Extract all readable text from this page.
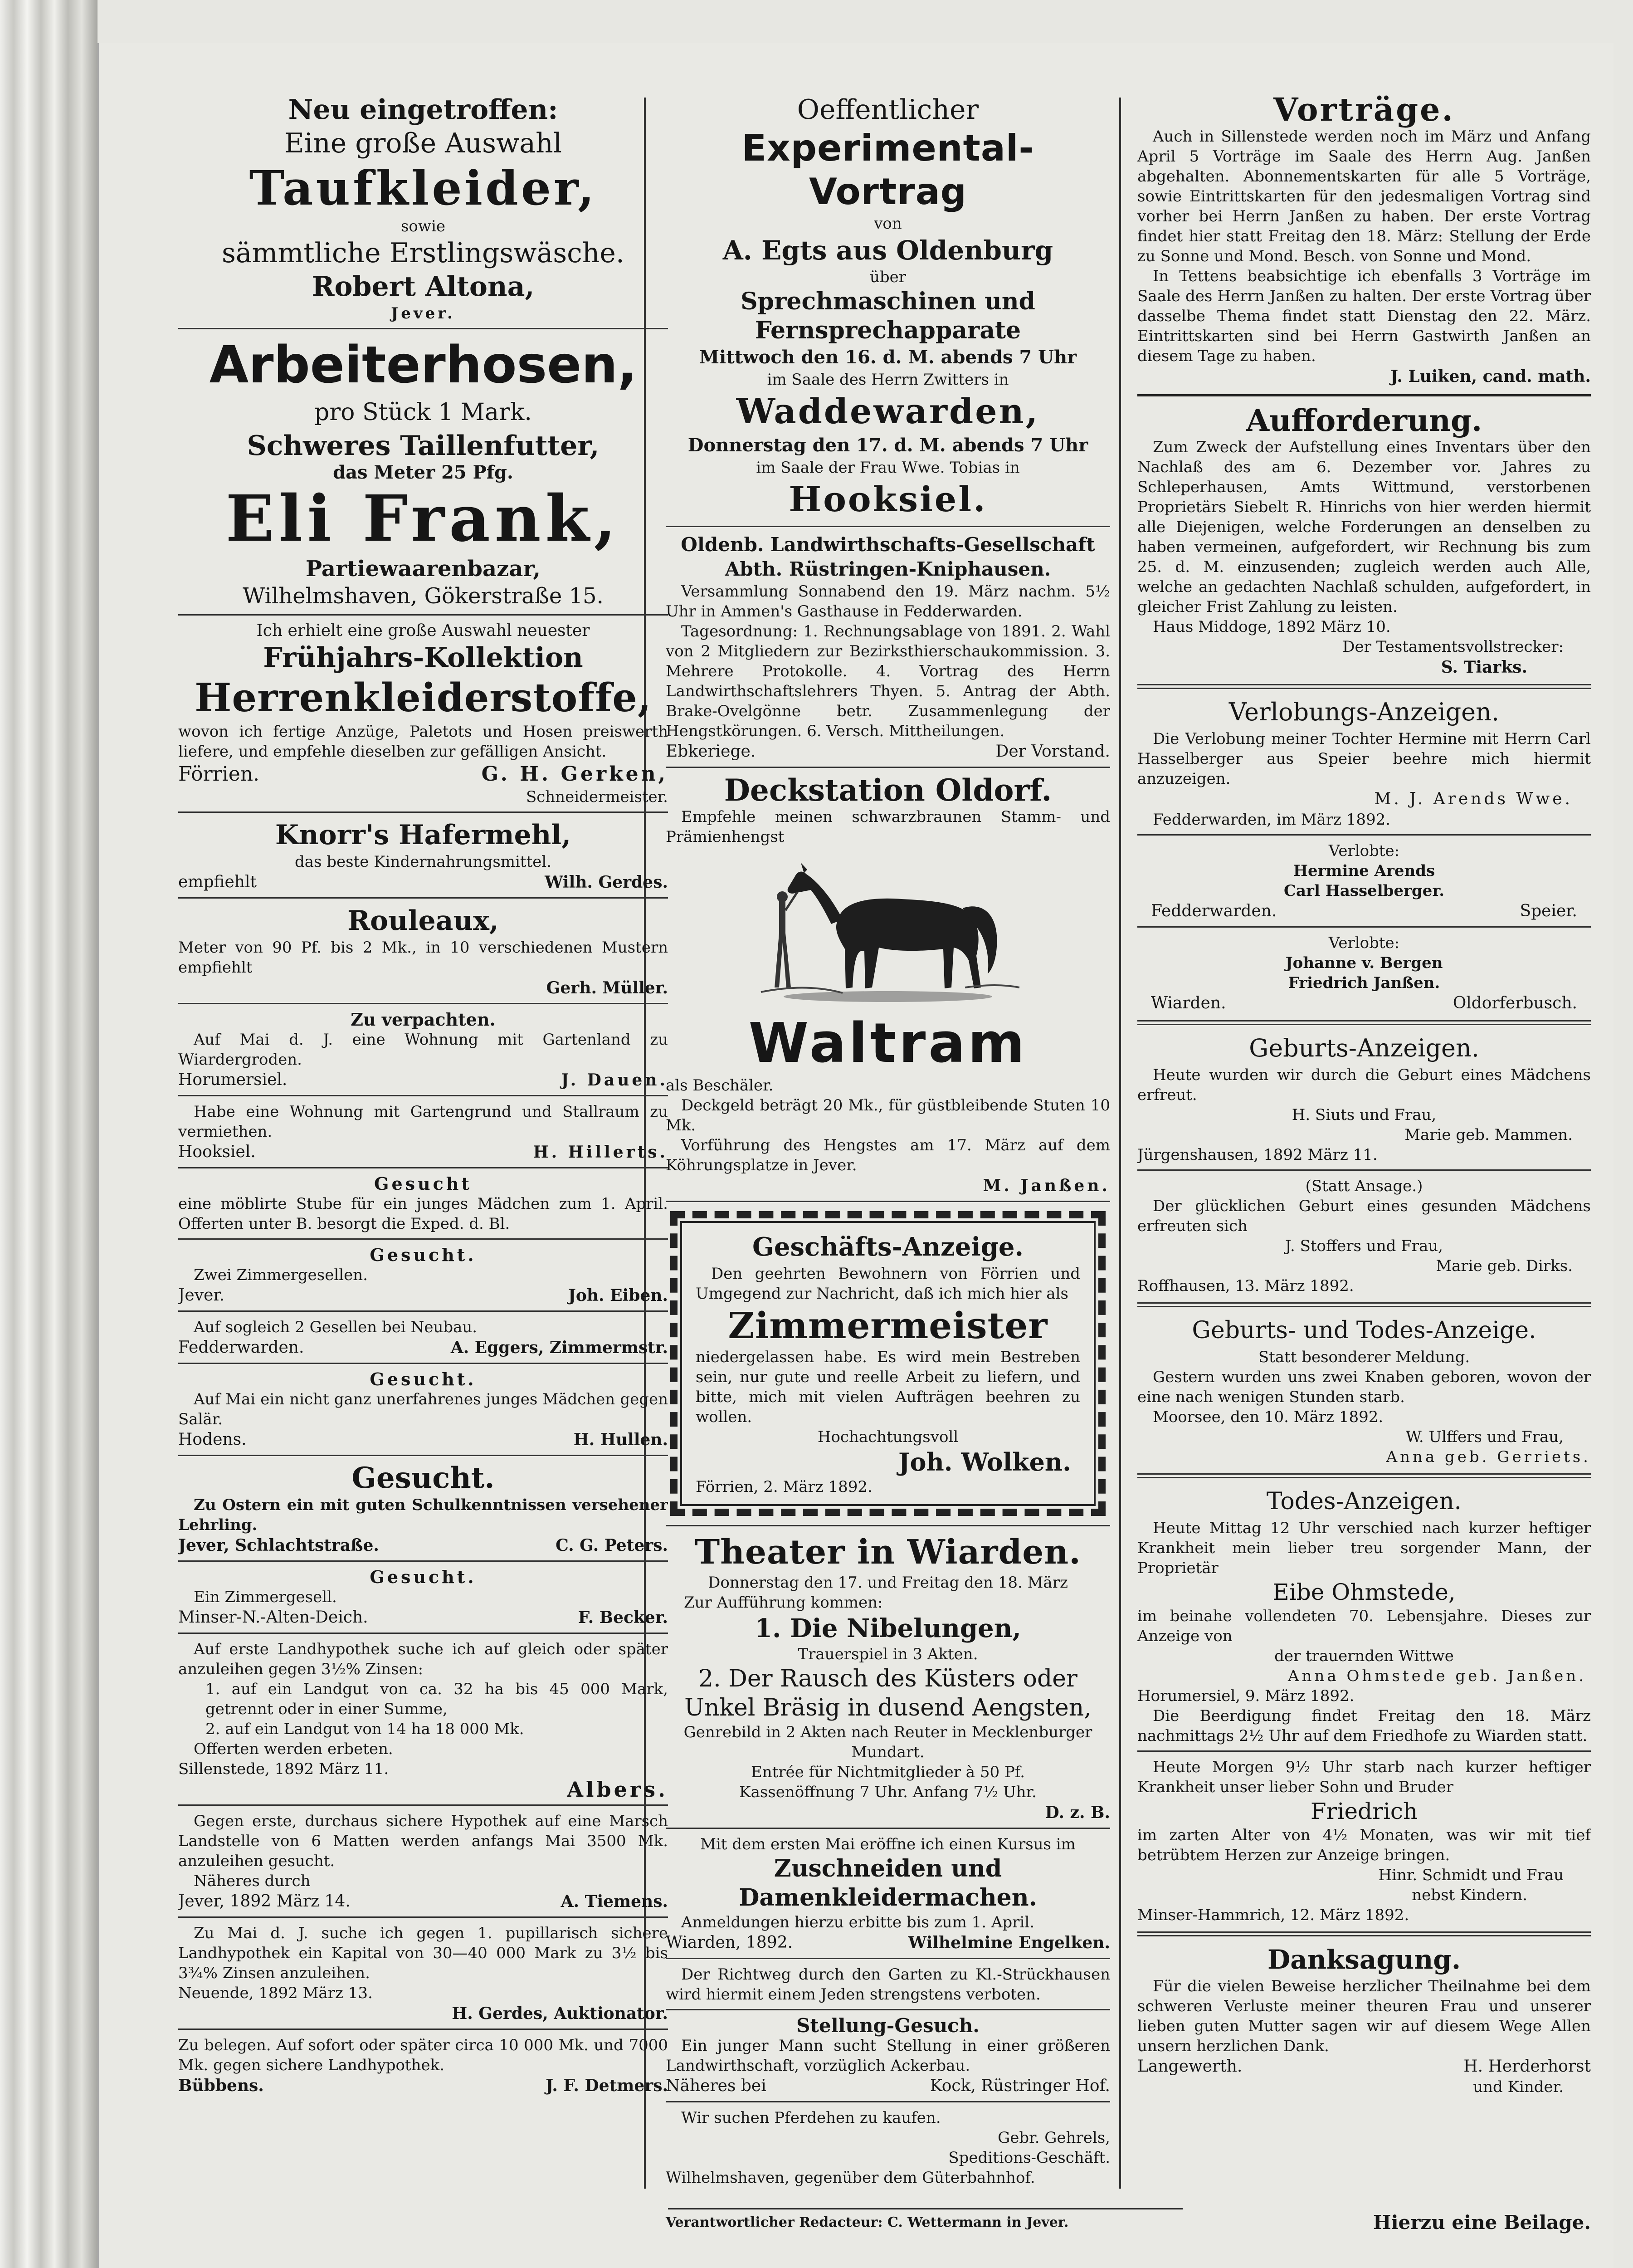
Neu eingetroffen:

Eine große Auswahl

Taufkleider,

sowie

sämmtliche Erstlingswäsche.

Robert Altona,

Jever.

Arbeiterhosen,

pro Stück 1 Mark.

Schweres Taillenfutter,

das Meter 25 Pfg.

Eli Frank,

Partiewaarenbazar,

Wilhelmshaven, Gökerstraße 15.

Ich erhielt eine große Auswahl neuester

Frühjahrs-Kollektion

Herrenkleiderstoffe,

wovon ich fertige Anzüge, Paletots und Hosen preiswerth liefere, und empfehle dieselben zur gefälligen Ansicht.

Förrien.	G. H. Gerken,

Schneidermeister.

Knorr's Hafermehl,

das beste Kindernahrungsmittel.

empfiehlt	Wilh. Gerdes.

Rouleaux,

Meter von 90 Pf. bis 2 Mk., in 10 verschiedenen Mustern empfiehlt

Gerh. Müller.

Zu verpachten.

Auf Mai d. J. eine Wohnung mit Gartenland zu Wiardergroden.

Horumersiel.	J. Dauen.

Habe eine Wohnung mit Gartengrund und Stallraum zu vermiethen.

Hooksiel.	H. Hillerts.

Gesucht

eine möblirte Stube für ein junges Mädchen zum 1. April. Offerten unter B. besorgt die Exped. d. Bl.

Gesucht.

Zwei Zimmergesellen.

Jever.	Joh. Eiben.

Auf sogleich 2 Gesellen bei Neubau.

Fedderwarden.	A. Eggers, Zimmermstr.

Gesucht.

Auf Mai ein nicht ganz unerfahrenes junges Mädchen gegen Salär.

Hodens.	H. Hullen.

Gesucht.

Zu Ostern ein mit guten Schulkenntnissen versehener Lehrling.

Jever, Schlachtstraße.	C. G. Peters.

Gesucht.

Ein Zimmergesell.

Minser-N.-Alten-Deich.	F. Becker.

Auf erste Landhypothek suche ich auf gleich oder später anzuleihen gegen 3½% Zinsen:

1. auf ein Landgut von ca. 32 ha bis 45 000 Mark, getrennt oder in einer Summe,

2. auf ein Landgut von 14 ha 18 000 Mk.

Offerten werden erbeten.

Sillenstede, 1892 März 11.

Albers.

Gegen erste, durchaus sichere Hypothek auf eine Marsch Landstelle von 6 Matten werden anfangs Mai 3500 Mk. anzuleihen gesucht.

Näheres durch

Jever, 1892 März 14.	A. Tiemens.

Zu Mai d. J. suche ich gegen 1. pupillarisch sichere Landhypothek ein Kapital von 30—40 000 Mark zu 3½ bis 3¾% Zinsen anzuleihen.

Neuende, 1892 März 13.

H. Gerdes, Auktionator.

Zu belegen. Auf sofort oder später circa 10 000 Mk. und 7000 Mk. gegen sichere Landhypothek.

Bübbens.	J. F. Detmers.

Oeffentlicher

Experimental-Vortrag

von

A. Egts aus Oldenburg

über

Sprechmaschinen und Fernsprechapparate

Mittwoch den 16. d. M. abends 7 Uhr

im Saale des Herrn Zwitters in

Waddewarden,

Donnerstag den 17. d. M. abends 7 Uhr

im Saale der Frau Wwe. Tobias in

Hooksiel.

Oldenb. Landwirthschafts-Gesellschaft

Abth. Rüstringen-Kniphausen.

Versammlung Sonnabend den 19. März nachm. 5½ Uhr in Ammen's Gasthause in Fedderwarden.

Tagesordnung: 1. Rechnungsablage von 1891. 2. Wahl von 2 Mitgliedern zur Bezirksthierschaukommission. 3. Mehrere Protokolle. 4. Vortrag des Herrn Landwirthschaftslehrers Thyen. 5. Antrag der Abth. Brake-Ovelgönne betr. Zusammenlegung der Hengstkörungen. 6. Versch. Mittheilungen.

Ebkeriege.	Der Vorstand.

Deckstation Oldorf.

Empfehle meinen schwarzbraunen Stamm- und Prämienhengst

Waltram

als Beschäler.

Deckgeld beträgt 20 Mk., für güstbleibende Stuten 10 Mk.

Vorführung des Hengstes am 17. März auf dem Köhrungsplatze in Jever.

M. Janßen.

Geschäfts-Anzeige.

Den geehrten Bewohnern von Förrien und Umgegend zur Nachricht, daß ich mich hier als

Zimmermeister

niedergelassen habe. Es wird mein Bestreben sein, nur gute und reelle Arbeit zu liefern, und bitte, mich mit vielen Aufträgen beehren zu wollen.

Hochachtungsvoll

Joh. Wolken.

Förrien, 2. März 1892.

Theater in Wiarden.

Donnerstag den 17. und Freitag den 18. März

Zur Aufführung kommen:

1. Die Nibelungen,

Trauerspiel in 3 Akten.

2. Der Rausch des Küsters oder Unkel Bräsig in dusend Aengsten,

Genrebild in 2 Akten nach Reuter in Mecklenburger Mundart.

Entrée für Nichtmitglieder à 50 Pf.

Kassenöffnung 7 Uhr. Anfang 7½ Uhr.

D. z. B.

Mit dem ersten Mai eröffne ich einen Kursus im

Zuschneiden und Damenkleidermachen.

Anmeldungen hierzu erbitte bis zum 1. April.

Wiarden, 1892.	Wilhelmine Engelken.

Der Richtweg durch den Garten zu Kl.-Strückhausen wird hiermit einem Jeden strengstens verboten.

Stellung-Gesuch.

Ein junger Mann sucht Stellung in einer größeren Landwirthschaft, vorzüglich Ackerbau.

Näheres bei	Kock, Rüstringer Hof.

Wir suchen Pferdehen zu kaufen.

Gebr. Gehrels,

Speditions-Geschäft.

Wilhelmshaven, gegenüber dem Güterbahnhof.

Vorträge.

Auch in Sillenstede werden noch im März und Anfang April 5 Vorträge im Saale des Herrn Aug. Janßen abgehalten. Abonnementskarten für alle 5 Vorträge, sowie Eintrittskarten für den jedesmaligen Vortrag sind vorher bei Herrn Janßen zu haben. Der erste Vortrag findet hier statt Freitag den 18. März: Stellung der Erde zu Sonne und Mond. Besch. von Sonne und Mond.

In Tettens beabsichtige ich ebenfalls 3 Vorträge im Saale des Herrn Janßen zu halten. Der erste Vortrag über dasselbe Thema findet statt Dienstag den 22. März. Eintrittskarten sind bei Herrn Gastwirth Janßen an diesem Tage zu haben.

J. Luiken, cand. math.

Aufforderung.

Zum Zweck der Aufstellung eines Inventars über den Nachlaß des am 6. Dezember vor. Jahres zu Schleperhausen, Amts Wittmund, verstorbenen Proprietärs Siebelt R. Hinrichs von hier werden hiermit alle Diejenigen, welche Forderungen an denselben zu haben vermeinen, aufgefordert, wir Rechnung bis zum 25. d. M. einzusenden; zugleich werden auch Alle, welche an gedachten Nachlaß schulden, aufgefordert, in gleicher Frist Zahlung zu leisten.

Haus Middoge, 1892 März 10.

Der Testamentsvollstrecker:

S. Tiarks.

Verlobungs-Anzeigen.

Die Verlobung meiner Tochter Hermine mit Herrn Carl Hasselberger aus Speier beehre mich hiermit anzuzeigen.

M. J. Arends Wwe.

Fedderwarden, im März 1892.

Verlobte:

Hermine Arends

Carl Hasselberger.

Fedderwarden.	Speier.

Verlobte:

Johanne v. Bergen

Friedrich Janßen.

Wiarden.	Oldorferbusch.

Geburts-Anzeigen.

Heute wurden wir durch die Geburt eines Mädchens erfreut.

H. Siuts und Frau,

Marie geb. Mammen.

Jürgenshausen, 1892 März 11.

(Statt Ansage.)

Der glücklichen Geburt eines gesunden Mädchens erfreuten sich

J. Stoffers und Frau,

Marie geb. Dirks.

Roffhausen, 13. März 1892.

Geburts- und Todes-Anzeige.

Statt besonderer Meldung.

Gestern wurden uns zwei Knaben geboren, wovon der eine nach wenigen Stunden starb.

Moorsee, den 10. März 1892.

W. Ulffers und Frau,

Anna geb. Gerriets.

Todes-Anzeigen.

Heute Mittag 12 Uhr verschied nach kurzer heftiger Krankheit mein lieber treu sorgender Mann, der Proprietär

Eibe Ohmstede,

im beinahe vollendeten 70. Lebensjahre. Dieses zur Anzeige von

der trauernden Wittwe

Anna Ohmstede geb. Janßen.

Horumersiel, 9. März 1892.

Die Beerdigung findet Freitag den 18. März nachmittags 2½ Uhr auf dem Friedhofe zu Wiarden statt.

Heute Morgen 9½ Uhr starb nach kurzer heftiger Krankheit unser lieber Sohn und Bruder

Friedrich

im zarten Alter von 4½ Monaten, was wir mit tief betrübtem Herzen zur Anzeige bringen.

Hinr. Schmidt und Frau

nebst Kindern.

Minser-Hammrich, 12. März 1892.

Danksagung.

Für die vielen Beweise herzlicher Theilnahme bei dem schweren Verluste meiner theuren Frau und unserer lieben guten Mutter sagen wir auf diesem Wege Allen unsern herzlichen Dank.

Langewerth.	H. Herderhorst

und Kinder.

Verantwortlicher Redacteur: C. Wettermann in Jever.	Hierzu eine Beilage.
